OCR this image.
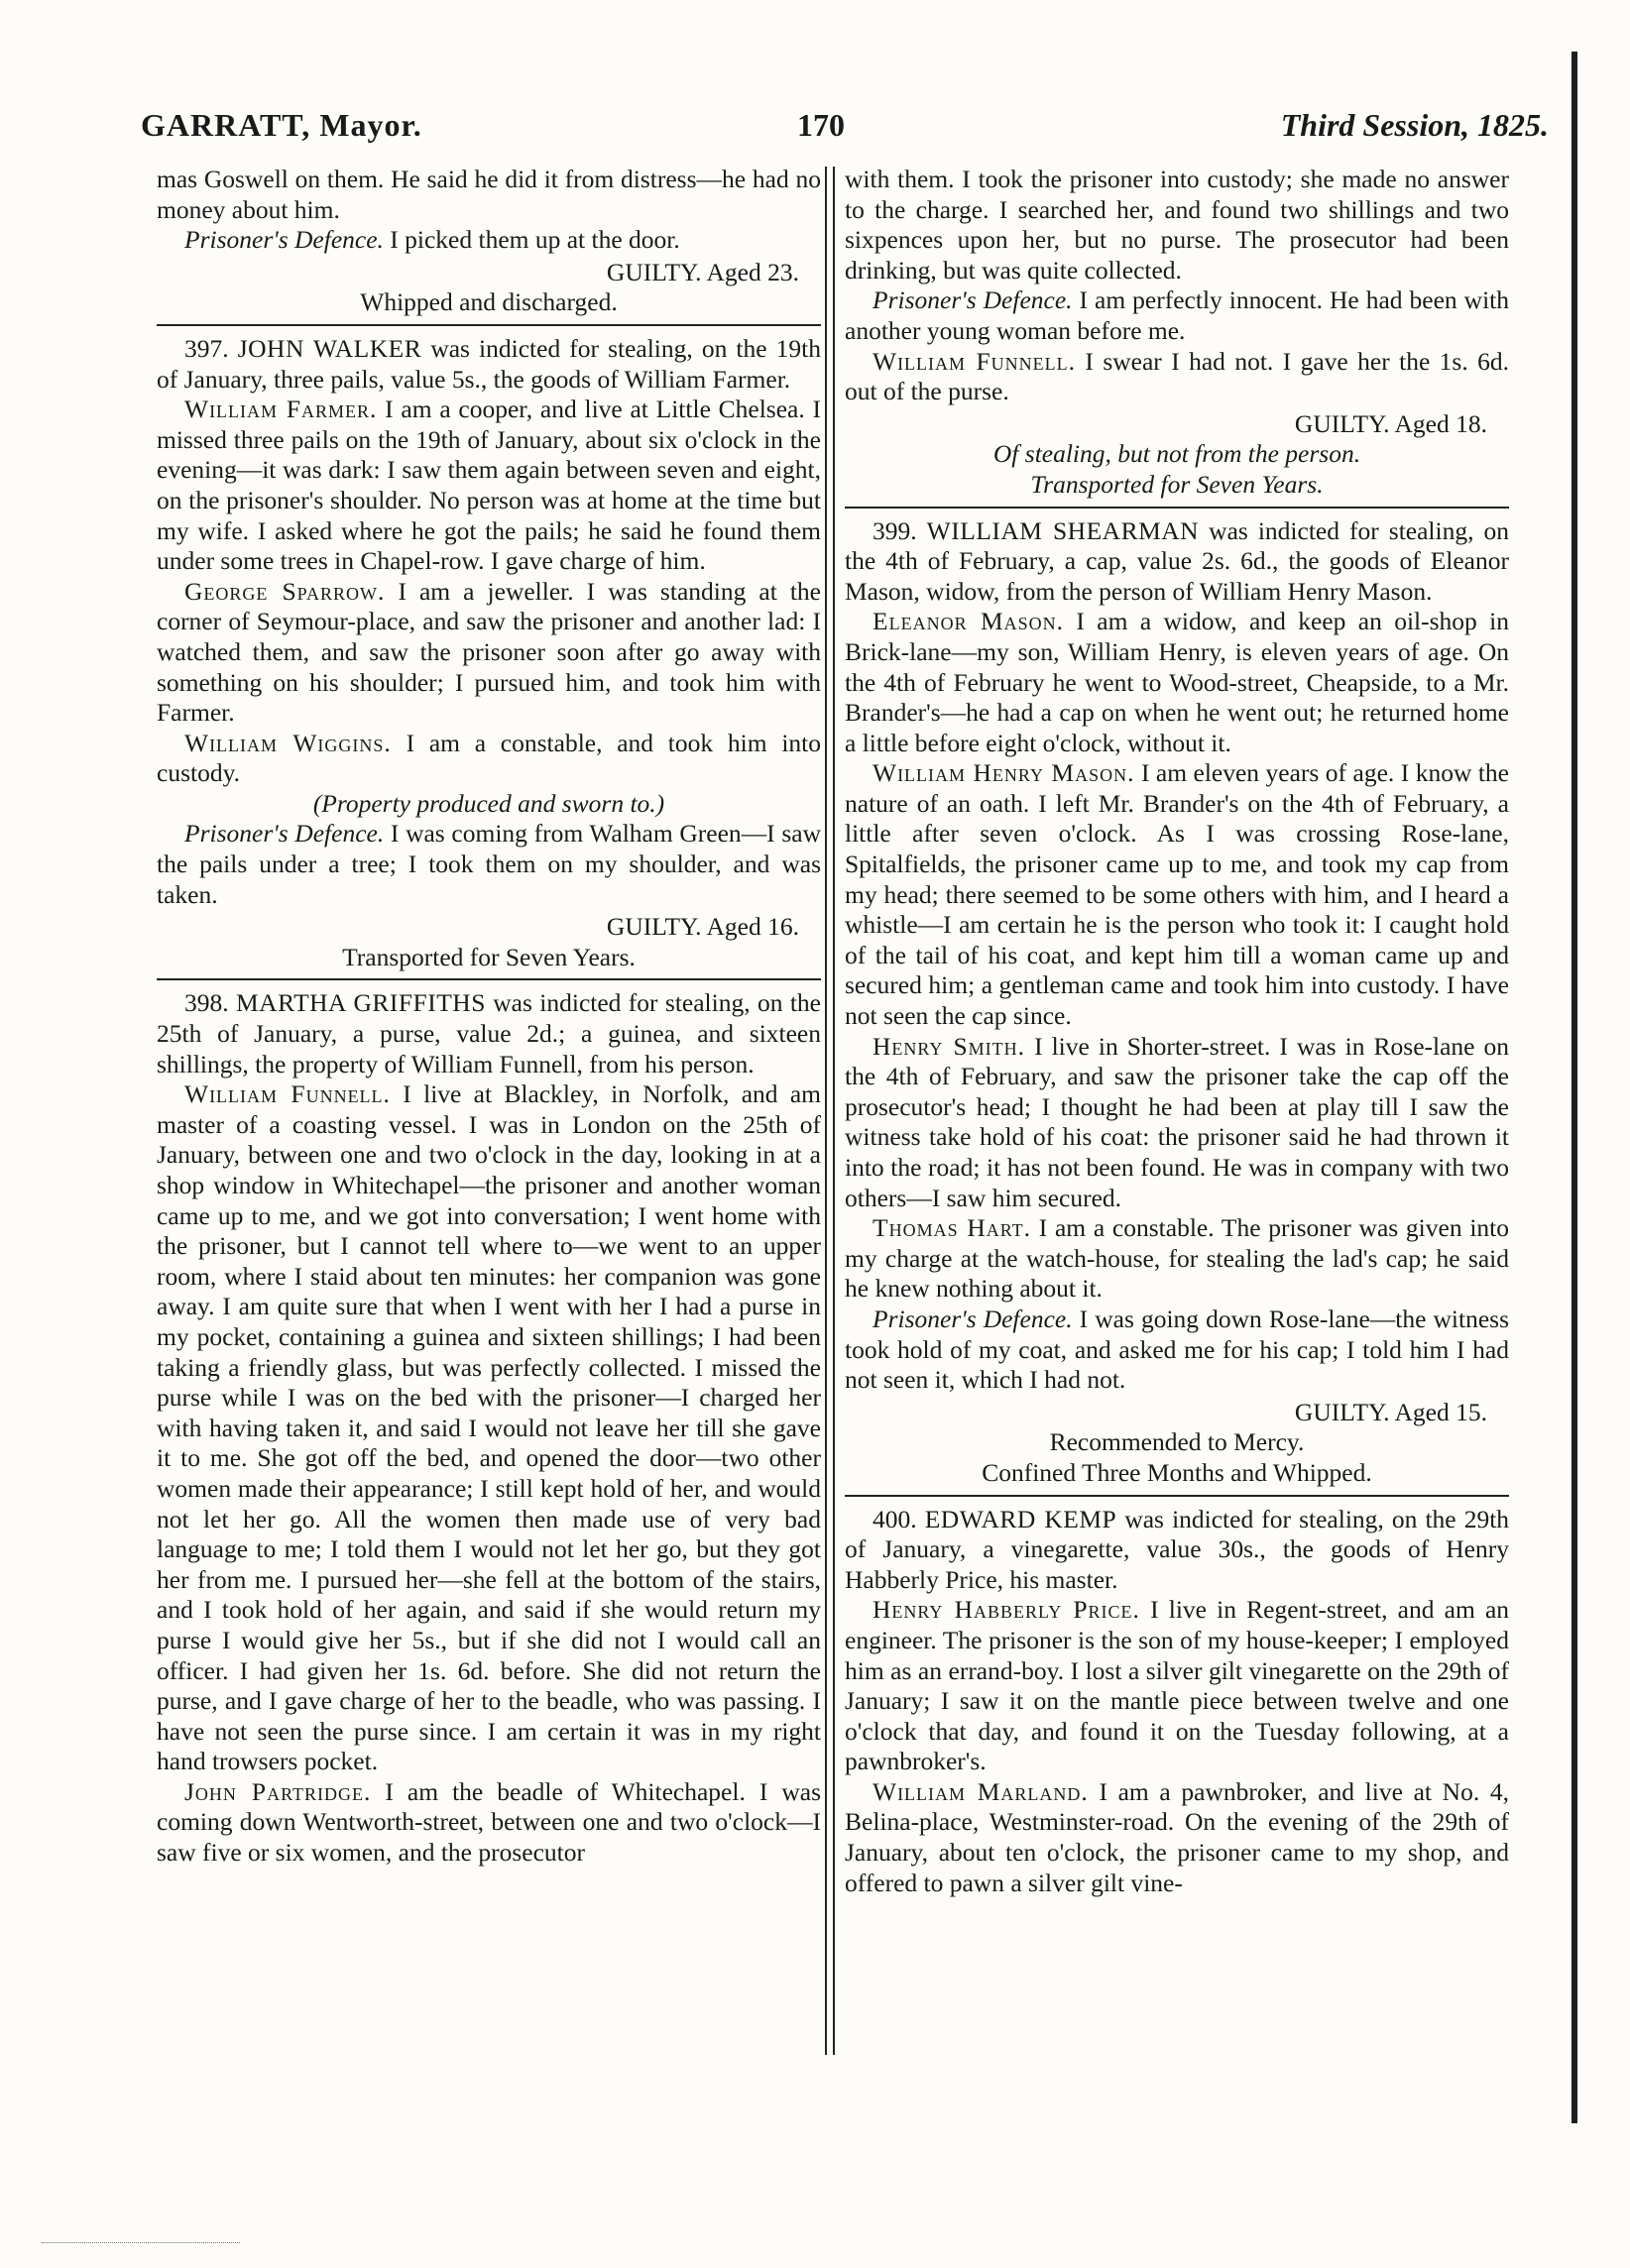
GARRATT, Mayor.	170	Third Session, 1825.

mas Goswell on them. He said he did it from distress—he had no money about him.

Prisoner's Defence. I picked them up at the door.

GUILTY. Aged 23.
Whipped and discharged.

397. JOHN WALKER was indicted for stealing, on the 19th of January, three pails, value 5s., the goods of William Farmer.

William Farmer. I am a cooper, and live at Little Chelsea. I missed three pails on the 19th of January, about six o'clock in the evening—it was dark: I saw them again between seven and eight, on the prisoner's shoulder. No person was at home at the time but my wife. I asked where he got the pails; he said he found them under some trees in Chapel-row. I gave charge of him.

George Sparrow. I am a jeweller. I was standing at the corner of Seymour-place, and saw the prisoner and another lad: I watched them, and saw the prisoner soon after go away with something on his shoulder; I pursued him, and took him with Farmer.

William Wiggins. I am a constable, and took him into custody.

(Property produced and sworn to.)

Prisoner's Defence. I was coming from Walham Green—I saw the pails under a tree; I took them on my shoulder, and was taken.

GUILTY. Aged 16.
Transported for Seven Years.

398. MARTHA GRIFFITHS was indicted for stealing, on the 25th of January, a purse, value 2d.; a guinea, and sixteen shillings, the property of William Funnell, from his person.

William Funnell. I live at Blackley, in Norfolk, and am master of a coasting vessel. I was in London on the 25th of January, between one and two o'clock in the day, looking in at a shop window in Whitechapel—the prisoner and another woman came up to me, and we got into conversation; I went home with the prisoner, but I cannot tell where to—we went to an upper room, where I staid about ten minutes: her companion was gone away. I am quite sure that when I went with her I had a purse in my pocket, containing a guinea and sixteen shillings; I had been taking a friendly glass, but was perfectly collected. I missed the purse while I was on the bed with the prisoner—I charged her with having taken it, and said I would not leave her till she gave it to me. She got off the bed, and opened the door—two other women made their appearance; I still kept hold of her, and would not let her go. All the women then made use of very bad language to me; I told them I would not let her go, but they got her from me. I pursued her—she fell at the bottom of the stairs, and I took hold of her again, and said if she would return my purse I would give her 5s., but if she did not I would call an officer. I had given her 1s. 6d. before. She did not return the purse, and I gave charge of her to the beadle, who was passing. I have not seen the purse since. I am certain it was in my right hand trowsers pocket.

John Partridge. I am the beadle of Whitechapel. I was coming down Wentworth-street, between one and two o'clock—I saw five or six women, and the prosecutor

with them. I took the prisoner into custody; she made no answer to the charge. I searched her, and found two shillings and two sixpences upon her, but no purse. The prosecutor had been drinking, but was quite collected.

Prisoner's Defence. I am perfectly innocent. He had been with another young woman before me.

William Funnell. I swear I had not. I gave her the 1s. 6d. out of the purse.

GUILTY. Aged 18.
Of stealing, but not from the person.
Transported for Seven Years.

399. WILLIAM SHEARMAN was indicted for stealing, on the 4th of February, a cap, value 2s. 6d., the goods of Eleanor Mason, widow, from the person of William Henry Mason.

Eleanor Mason. I am a widow, and keep an oil-shop in Brick-lane—my son, William Henry, is eleven years of age. On the 4th of February he went to Wood-street, Cheapside, to a Mr. Brander's—he had a cap on when he went out; he returned home a little before eight o'clock, without it.

William Henry Mason. I am eleven years of age. I know the nature of an oath. I left Mr. Brander's on the 4th of February, a little after seven o'clock. As I was crossing Rose-lane, Spitalfields, the prisoner came up to me, and took my cap from my head; there seemed to be some others with him, and I heard a whistle—I am certain he is the person who took it: I caught hold of the tail of his coat, and kept him till a woman came up and secured him; a gentleman came and took him into custody. I have not seen the cap since.

Henry Smith. I live in Shorter-street. I was in Rose-lane on the 4th of February, and saw the prisoner take the cap off the prosecutor's head; I thought he had been at play till I saw the witness take hold of his coat: the prisoner said he had thrown it into the road; it has not been found. He was in company with two others—I saw him secured.

Thomas Hart. I am a constable. The prisoner was given into my charge at the watch-house, for stealing the lad's cap; he said he knew nothing about it.

Prisoner's Defence. I was going down Rose-lane—the witness took hold of my coat, and asked me for his cap; I told him I had not seen it, which I had not.

GUILTY. Aged 15.
Recommended to Mercy.
Confined Three Months and Whipped.

400. EDWARD KEMP was indicted for stealing, on the 29th of January, a vinegarette, value 30s., the goods of Henry Habberly Price, his master.

Henry Habberly Price. I live in Regent-street, and am an engineer. The prisoner is the son of my house-keeper; I employed him as an errand-boy. I lost a silver gilt vinegarette on the 29th of January; I saw it on the mantle piece between twelve and one o'clock that day, and found it on the Tuesday following, at a pawnbroker's.

William Marland. I am a pawnbroker, and live at No. 4, Belina-place, Westminster-road. On the evening of the 29th of January, about ten o'clock, the prisoner came to my shop, and offered to pawn a silver gilt vine-
